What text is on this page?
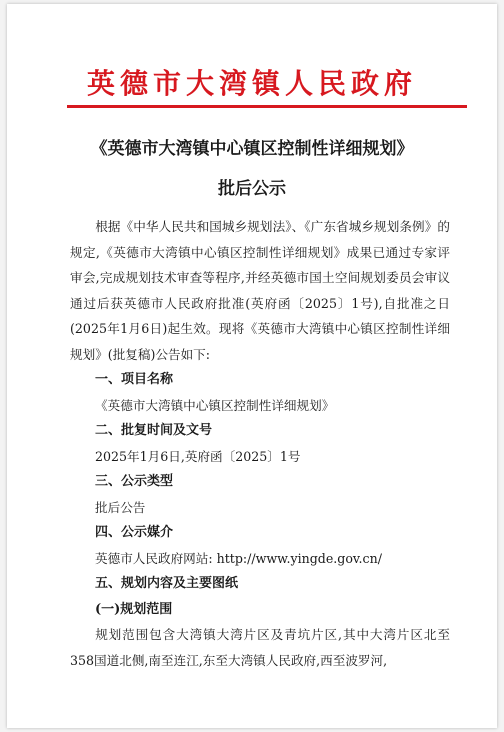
英德市大湾镇人民政府
《英德市大湾镇中心镇区控制性详细规划》
批后公示

根据《中华人民共和国城乡规划法》、《广东省城乡规划条例》的规定,《英德市大湾镇中心镇区控制性详细规划》成果已通过专家评审会,完成规划技术审查等程序,并经英德市国土空间规划委员会审议通过后获英德市人民政府批准(英府函〔2025〕1号),自批准之日(2025年1月6日)起生效。现将《英德市大湾镇中心镇区控制性详细规划》(批复稿)公告如下:

一、项目名称

《英德市大湾镇中心镇区控制性详细规划》

二、批复时间及文号

2025年1月6日,英府函〔2025〕1号

三、公示类型

批后公告

四、公示媒介

英德市人民政府网站: http://www.yingde.gov.cn/

五、规划内容及主要图纸

(一)规划范围

规划范围包含大湾镇大湾片区及青坑片区,其中大湾片区北至358国道北侧,南至连江,东至大湾镇人民政府,西至波罗河,
